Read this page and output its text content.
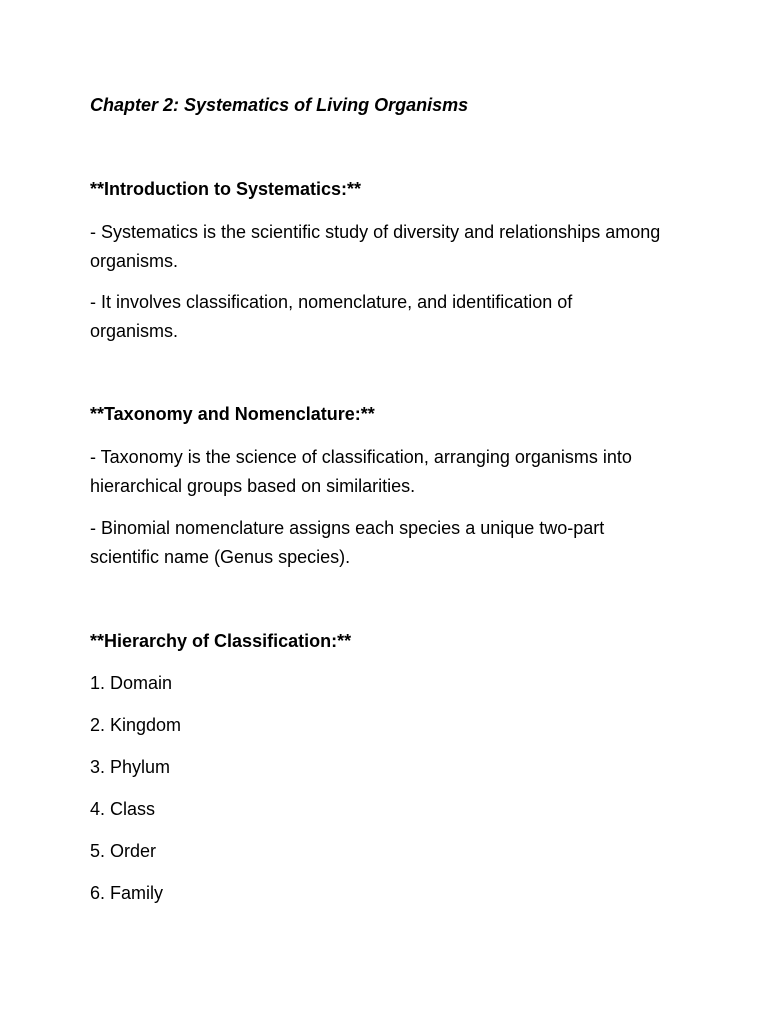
Chapter 2: Systematics of Living Organisms
**Introduction to Systematics:**
- Systematics is the scientific study of diversity and relationships among organisms.
- It involves classification, nomenclature, and identification of organisms.
**Taxonomy and Nomenclature:**
- Taxonomy is the science of classification, arranging organisms into hierarchical groups based on similarities.
- Binomial nomenclature assigns each species a unique two-part scientific name (Genus species).
**Hierarchy of Classification:**
1. Domain
2. Kingdom
3. Phylum
4. Class
5. Order
6. Family
